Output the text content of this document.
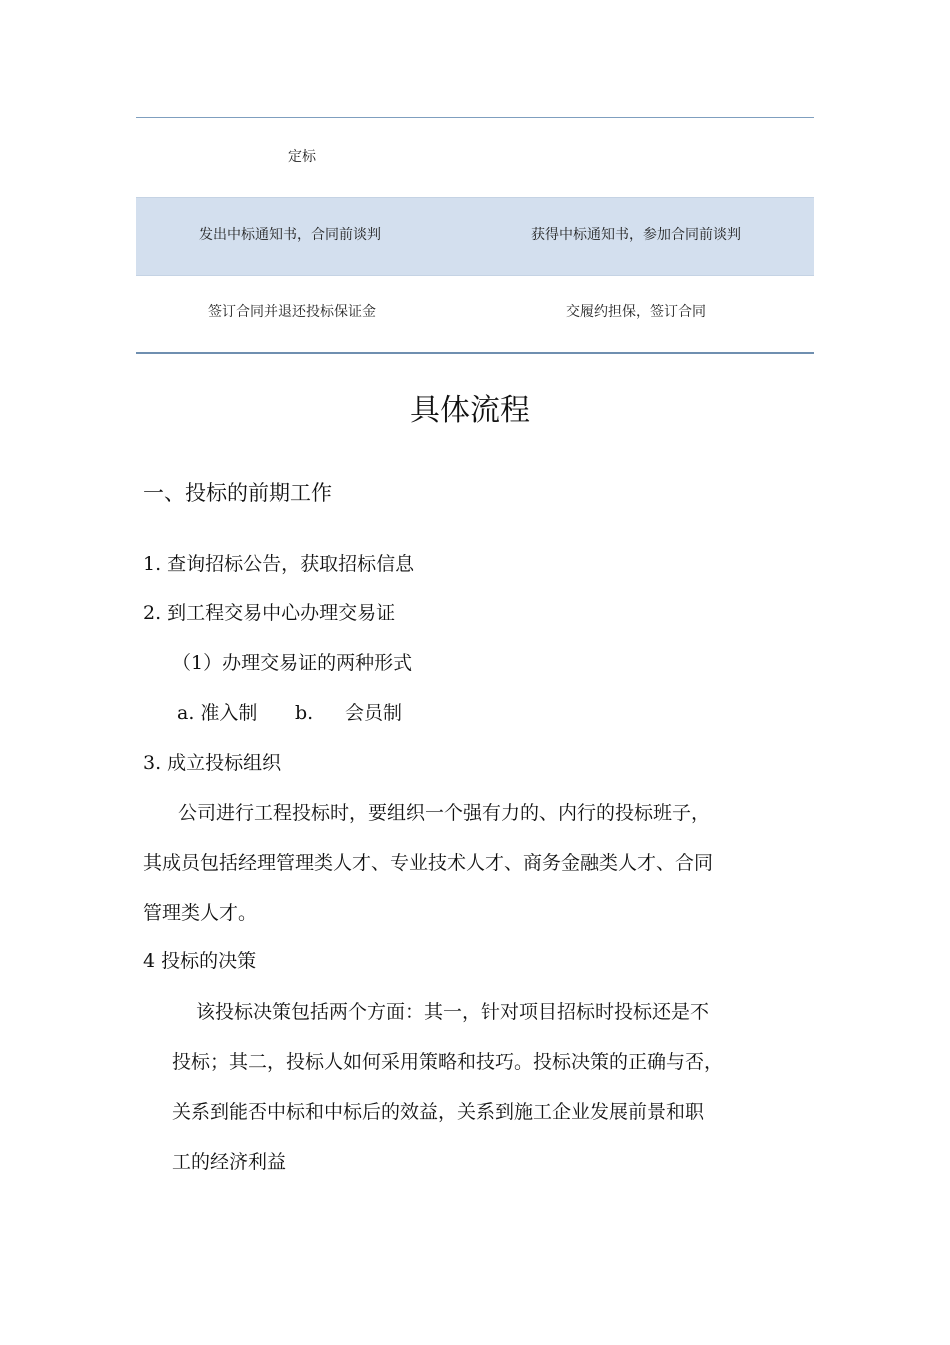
定标
发出中标通知书，合同前谈判	获得中标通知书，参加合同前谈判
签订合同并退还投标保证金	交履约担保，签订合同
具体流程
一、投标的前期工作
1. 查询招标公告，获取招标信息
2. 到工程交易中心办理交易证
（1）办理交易证的两种形式
a. 准入制 b. 会员制
3. 成立投标组织
公司进行工程投标时，要组织一个强有力的、内行的投标班子，
其成员包括经理管理类人才、专业技术人才、商务金融类人才、合同
管理类人才。
4 投标的决策
该投标决策包括两个方面：其一，针对项目招标时投标还是不
投标；其二，投标人如何采用策略和技巧。投标决策的正确与否，
关系到能否中标和中标后的效益，关系到施工企业发展前景和职
工的经济利益
